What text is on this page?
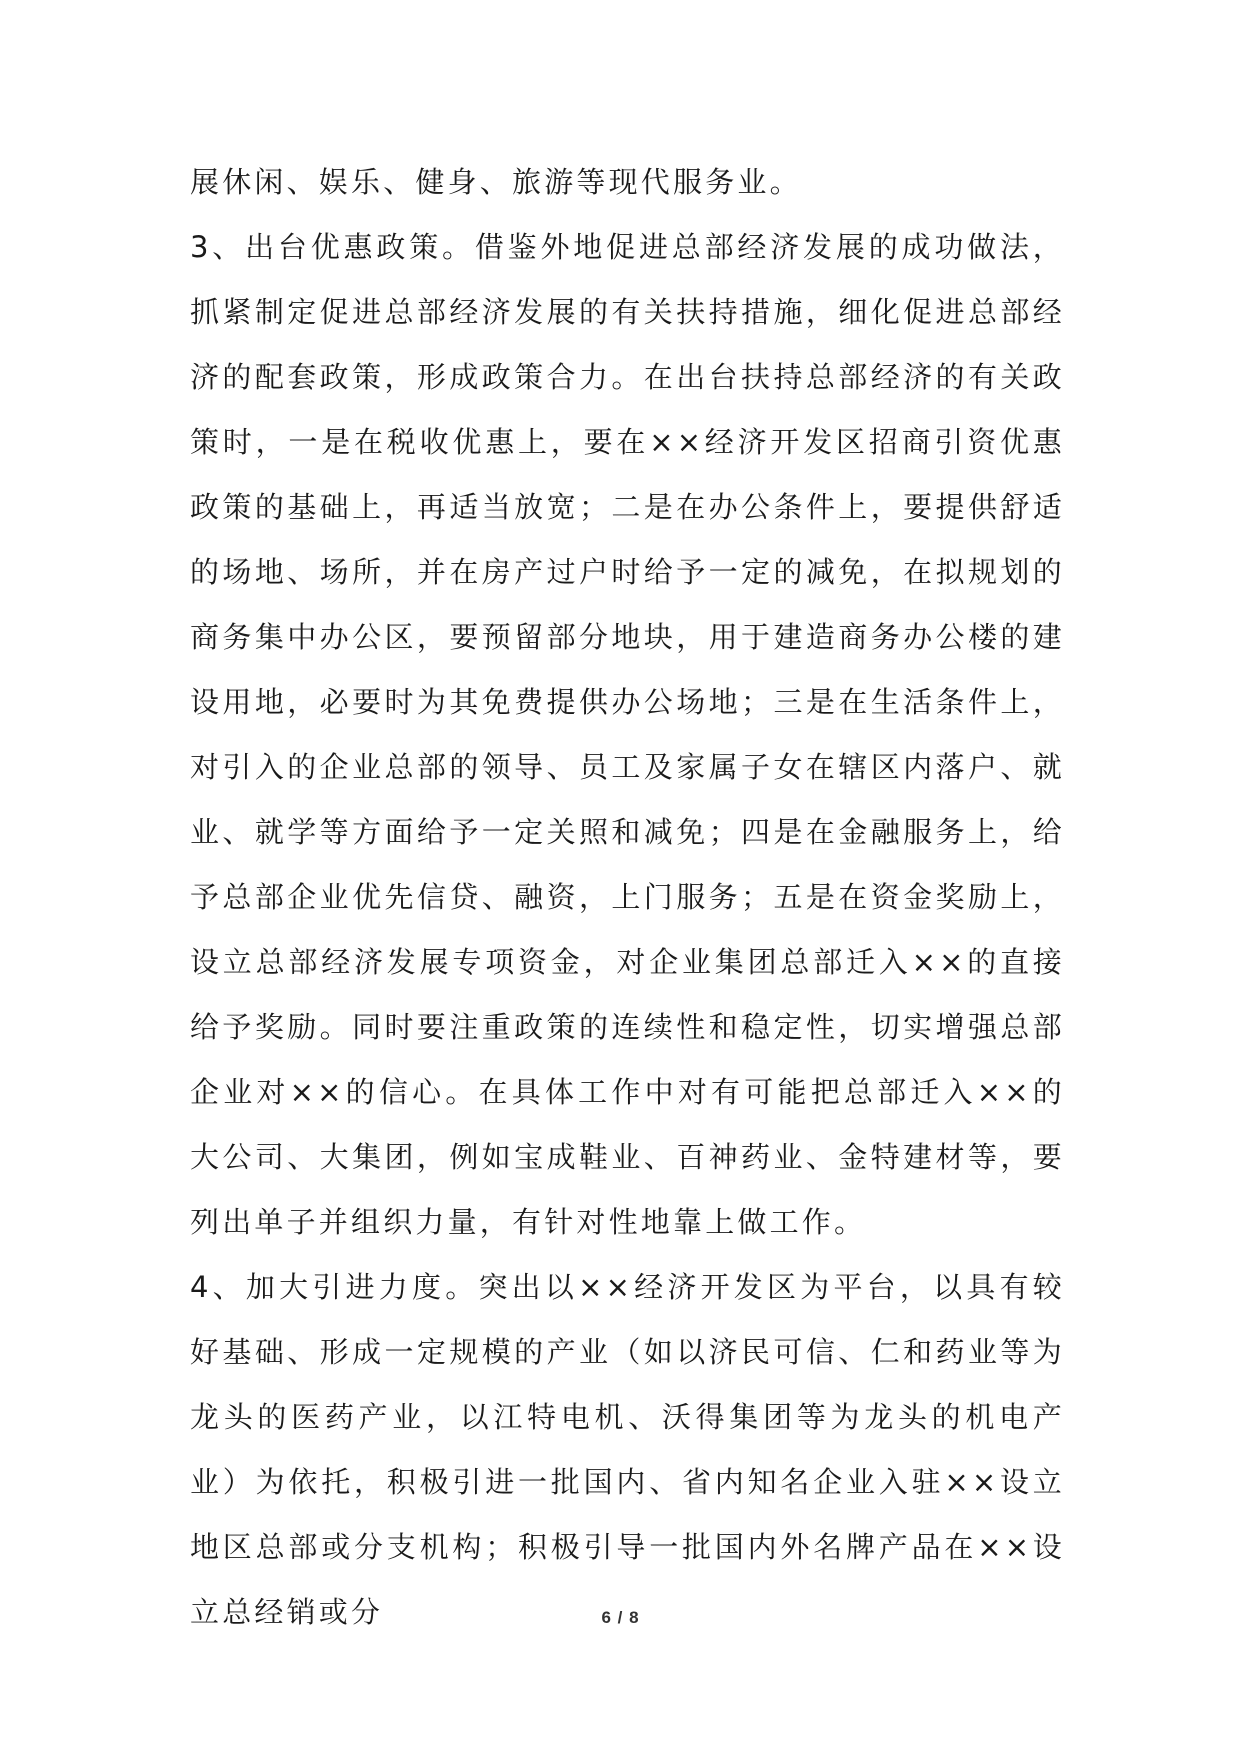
展休闲、娱乐、健身、旅游等现代服务业。

3、出台优惠政策。借鉴外地促进总部经济发展的成功做法，抓紧制定促进总部经济发展的有关扶持措施，细化促进总部经济的配套政策，形成政策合力。在出台扶持总部经济的有关政策时，一是在税收优惠上，要在××经济开发区招商引资优惠政策的基础上，再适当放宽；二是在办公条件上，要提供舒适的场地、场所，并在房产过户时给予一定的减免，在拟规划的商务集中办公区，要预留部分地块，用于建造商务办公楼的建设用地，必要时为其免费提供办公场地；三是在生活条件上，对引入的企业总部的领导、员工及家属子女在辖区内落户、就业、就学等方面给予一定关照和减免；四是在金融服务上，给予总部企业优先信贷、融资，上门服务；五是在资金奖励上，设立总部经济发展专项资金，对企业集团总部迁入××的直接给予奖励。同时要注重政策的连续性和稳定性，切实增强总部企业对××的信心。在具体工作中对有可能把总部迁入××的大公司、大集团，例如宝成鞋业、百神药业、金特建材等，要列出单子并组织力量，有针对性地靠上做工作。

4、加大引进力度。突出以××经济开发区为平台，以具有较好基础、形成一定规模的产业（如以济民可信、仁和药业等为龙头的医药产业，以江特电机、沃得集团等为龙头的机电产业）为依托，积极引进一批国内、省内知名企业入驻××设立地区总部或分支机构；积极引导一批国内外名牌产品在××设立总经销或分	6 / 8
